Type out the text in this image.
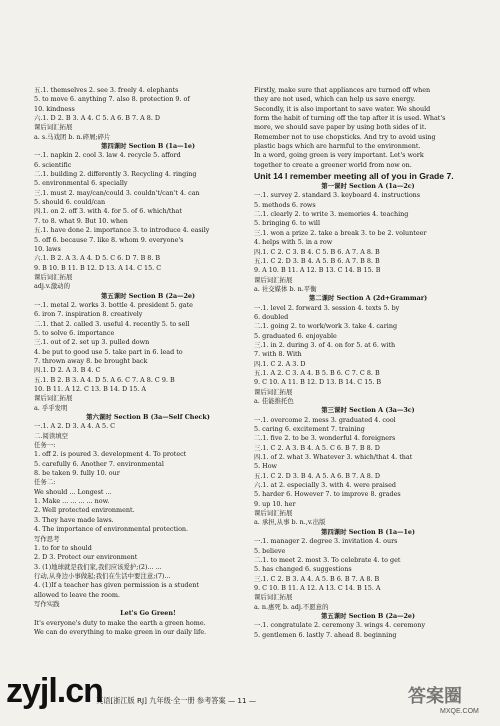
五.1. themselves 2. see 3. freely 4. elephants
5. to move 6. anything 7. also 8. protection 9. of
10. kindness
六.1. D 2. B 3. A 4. C 5. A 6. B 7. A 8. D
课后词汇拓展
a. s.马戏团 b. n.碎屑;碎片
第四课时 Section B (1a—1e)
一.1. napkin 2. cool 3. law 4. recycle 5. afford
6. scientific
二.1. building 2. differently 3. Recycling 4. ringing
5. environmental 6. specially
三.1. must 2. may/can/could 3. couldn't/can't 4. can
5. should 6. could/can
四.1. on 2. off 3. with 4. for 5. of 6. which/that
7. to 8. what 9. But 10. when
五.1. have done 2. importance 3. to introduce 4. easily
5. off 6. because 7. like 8. whom 9. everyone's
10. laws
六.1. B 2. A 3. A 4. D 5. C 6. D 7. B 8. B
9. B 10. B 11. B 12. D 13. A 14. C 15. C
课后词汇拓展
adj.v.激动的
第五课时 Section B (2a—2e)
一.1. metal 2. works 3. bottle 4. president 5. gate
6. iron 7. inspiration 8. creatively
二.1. that 2. called 3. useful 4. recently 5. to sell
5. to solve 6. importance
三.1. out of 2. set up 3. pulled down
4. be put to good use 5. take part in 6. lead to
7. thrown away 8. be brought back
四.1. D 2. A 3. B 4. C
五.1. B 2. B 3. A 4. D 5. A 6. C 7. A 8. C 9. B
10. B 11. A 12. C 13. B 14. D 15. A
课后词汇拓展
a. 乎乎发明
第六课时 Section B (3a—Self Check)
一.1. A 2. D 3. A 4. A 5. C
二.阅读填空
任务一:
1. off 2. is poured 3. development 4. To protect
5. carefully 6. Another 7. environmental
8. be taken 9. fully 10. our
任务二:
We should ... Longest ...
1. Make ... ... ... ... now.
2. Well protected environment.
3. They have made laws.
4. The importance of environmental protection.
写作思考
1. to for to should
2. D 3. Protect our environment
3. (1)地球就是我们家,我们应该爱护;(2)... ...
行动,从身边小事做起;我们在生活中要注意;(7)...
4. (1)If a teacher has given permission is a student
allowed to leave the room.
写作实践
Let's Go Green!
It's everyone's duty to make the earth a green home.
We can do everything to make green in our daily life.
Firstly, make sure that appliances are turned off when
they are not used, which can help us save energy.
Secondly, it is also important to save water. We should
form the habit of turning off the tap after it is used. What's
more, we should save paper by using both sides of it.
Remember not to use chopsticks. And try to avoid using
plastic bags which are harmful to the environment.
In a word, going green is very important. Let's work
together to create a greener world from now on.
Unit 14 I remember meeting all of you in Grade 7.
第一课时 Section A (1a—2c)
一.1. survey 2. standard 3. keyboard 4. instructions
5. methods 6. rows
二.1. clearly 2. to write 3. memories 4. teaching
5. bringing 6. to will
三.1. won a prize 2. take a break 3. to be 2. volunteer
4. helps with 5. in a row
四.1. C 2. C 3. B 4. C 5. B 6. A 7. A 8. B
五.1. C 2. D 3. B 4. A 5. B 6. A 7. B 8. B
9. A 10. B 11. A 12. B 13. C 14. B 15. B
课后词汇拓展
a. 社交媒体 b. n.平衡
第二课时 Section A (2d+Grammar)
一.1. level 2. forward 3. session 4. texts 5. by
6. doubled
二.1. going 2. to work/work 3. take 4. caring
5. graduated 6. enjoyable
三.1. in 2. during 3. of 4. on for 5. at 6. with
7. with 8. With
四.1. C 2. A 3. D
五.1. A 2. C 3. A 4. B 5. B 6. C 7. C 8. B
9. C 10. A 11. B 12. D 13. B 14. C 15. B
课后词汇拓展
a. 佳能推托色
第三课时 Section A (3a—3c)
一.1. overcome 2. mess 3. graduated 4. cool
5. caring 6. excitement 7. training
二.1. five 2. to be 3. wonderful 4. foreigners
三.1. C 2. A 3. B 4. A 5. C 6. B 7. B 8. D
四.1. of 2. what 3. Whatever 3. which/that 4. that
5. How
五.1. C 2. D 3. B 4. A 5. A 6. B 7. A 8. D
六.1. at 2. especially 3. with 4. were praised
5. harder 6. However 7. to improve 8. grades
9. up 10. her
课后词汇拓展
a. 承担,从事 b. n.,v.出版
第四课时 Section B (1a—1e)
一.1. manager 2. degree 3. invitation 4. ours
5. believe
二.1. to meet 2. most 3. To celebrate 4. to get
5. has changed 6. suggestions
三.1. C 2. B 3. A 4. A 5. B 6. B 7. A 8. B
9. C 10. B 11. A 12. A 13. C 14. B 15. A
课后词汇拓展
a. n.惠死 b. adj.不愿意的
第五课时 Section B (2a—2e)
一.1. congratulate 2. ceremony 3. wings 4. ceremony
5. gentlemen 6. lastly 7. ahead 8. beginning
英语[浙江版 RJ] 九年级·全一册 参考答案 — 11 —
zyjl.cn	答案圈
MXQE.COM
